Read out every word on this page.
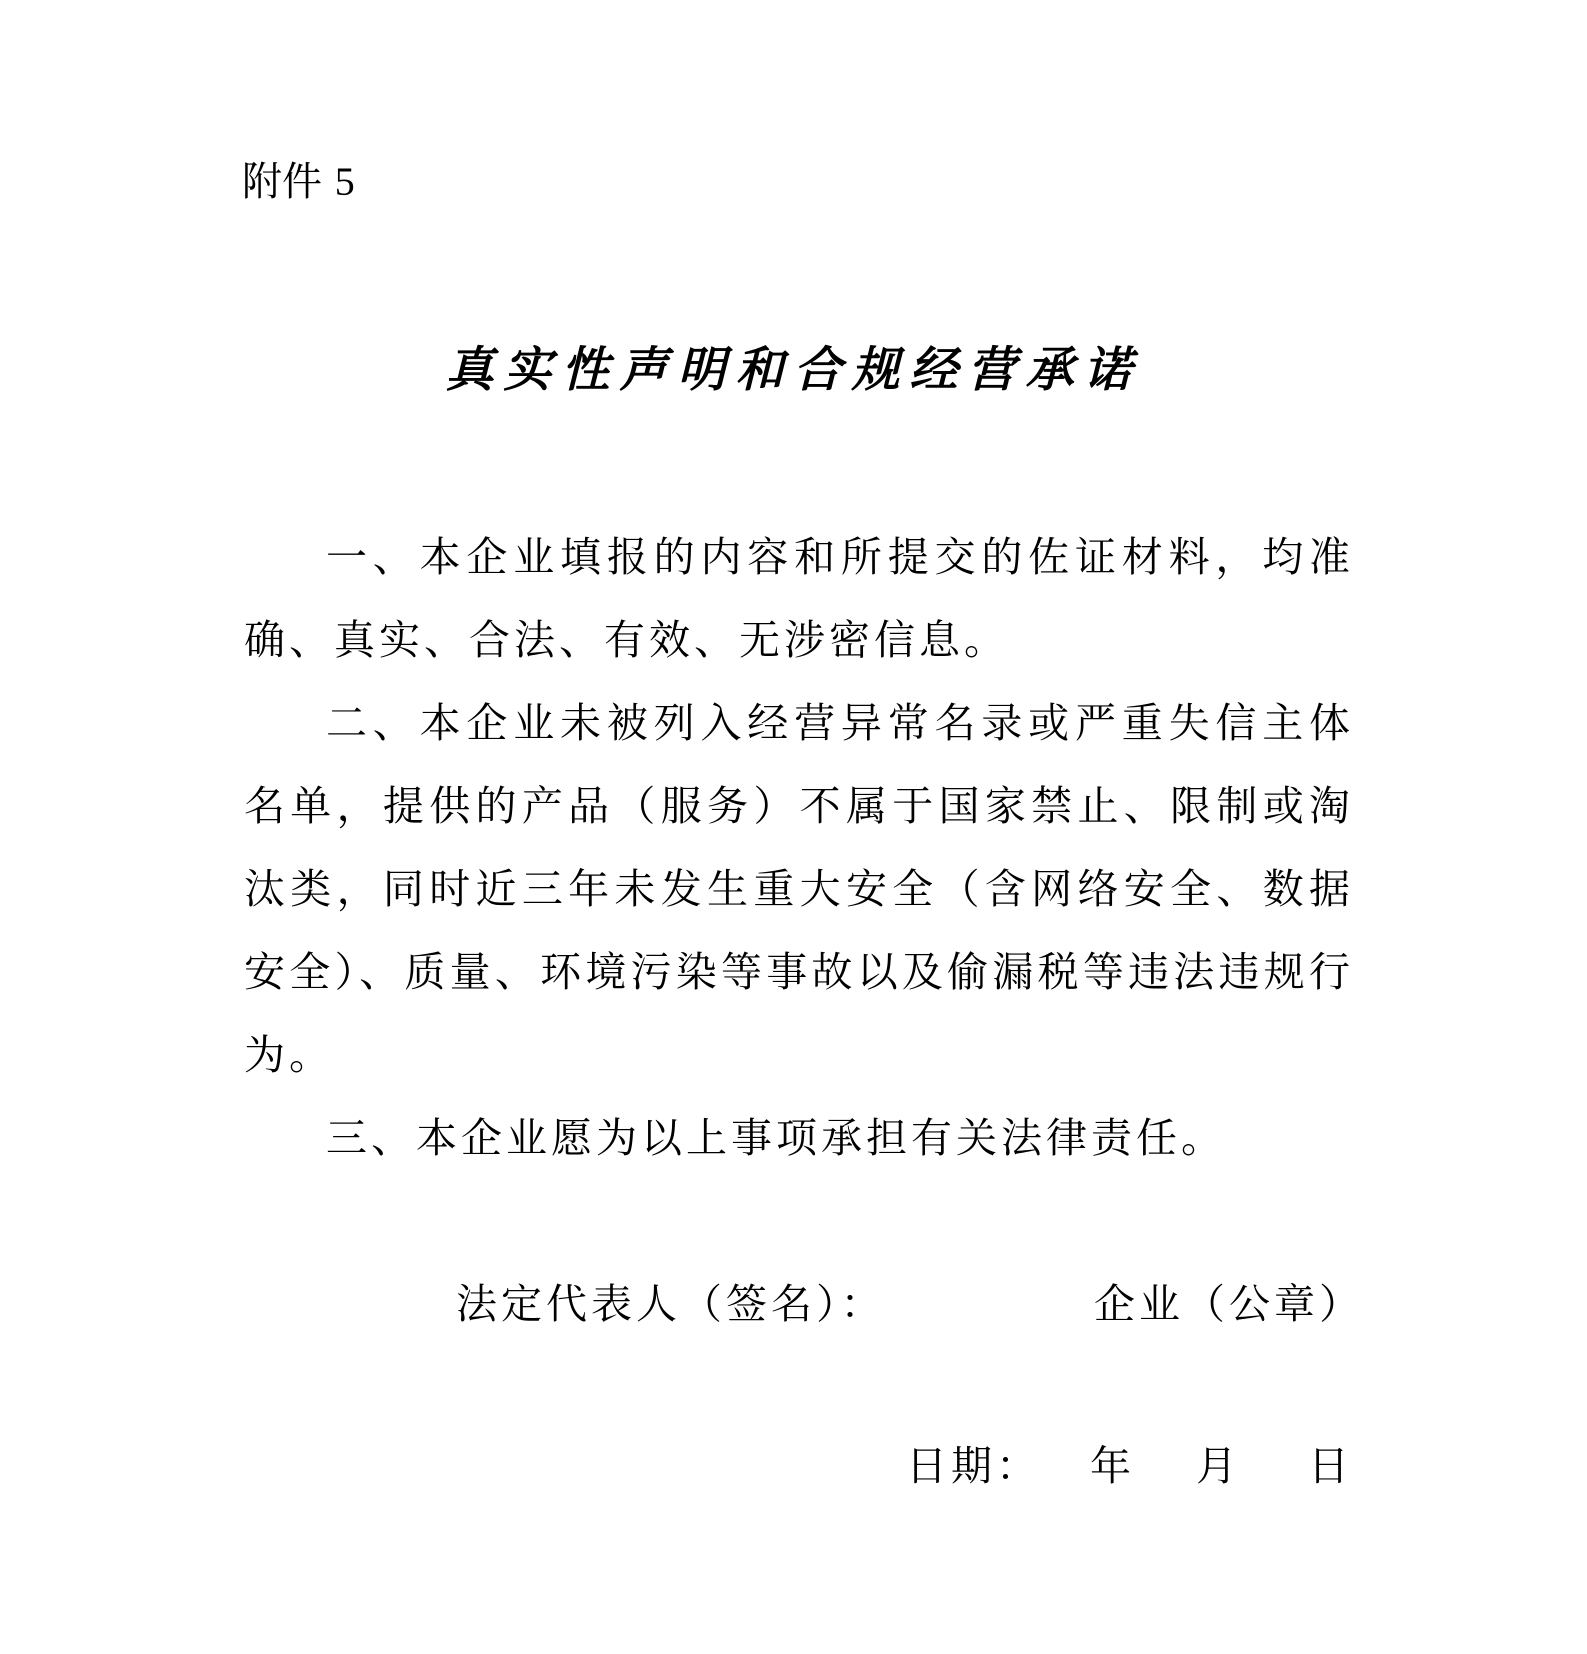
附件 5
真实性声明和合规经营承诺

一、本企业填报的内容和所提交的佐证材料，均准确、真实、合法、有效、无涉密信息。

二、本企业未被列入经营异常名录或严重失信主体名单，提供的产品（服务）不属于国家禁止、限制或淘汰类，同时近三年未发生重大安全（含网络安全、数据安全）、质量、环境污染等事故以及偷漏税等违法违规行为。

三、本企业愿为以上事项承担有关法律责任。

法定代表人（签名）：	企业（公章）
日期： 年 月 日
